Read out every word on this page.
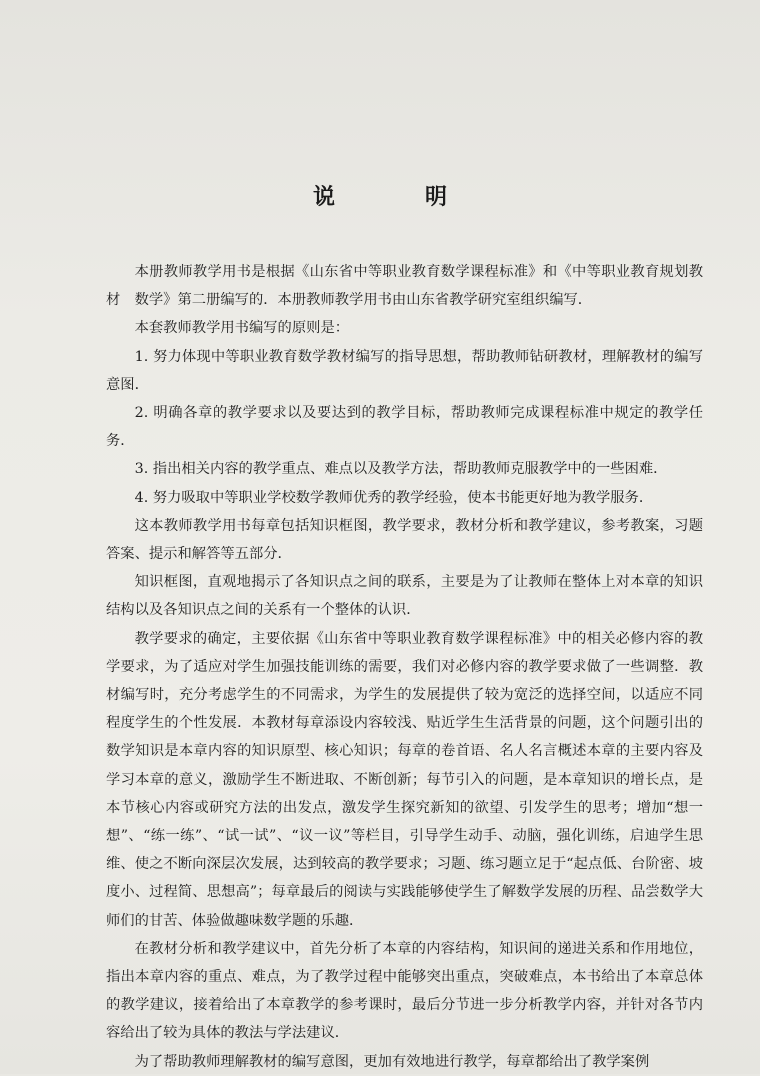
说　明

本册教师教学用书是根据《山东省中等职业教育数学课程标准》和《中等职业教育规划教材　数学》第二册编写的．本册教师教学用书由山东省教学研究室组织编写．

本套教师教学用书编写的原则是：

1. 努力体现中等职业教育数学教材编写的指导思想，帮助教师钻研教材，理解教材的编写意图．

2. 明确各章的教学要求以及要达到的教学目标，帮助教师完成课程标准中规定的教学任务．

3. 指出相关内容的教学重点、难点以及教学方法，帮助教师克服教学中的一些困难．

4. 努力吸取中等职业学校数学教师优秀的教学经验，使本书能更好地为教学服务．

这本教师教学用书每章包括知识框图，教学要求，教材分析和教学建议，参考教案，习题答案、提示和解答等五部分．

知识框图，直观地揭示了各知识点之间的联系，主要是为了让教师在整体上对本章的知识结构以及各知识点之间的关系有一个整体的认识．

教学要求的确定，主要依据《山东省中等职业教育数学课程标准》中的相关必修内容的教学要求，为了适应对学生加强技能训练的需要，我们对必修内容的教学要求做了一些调整．教材编写时，充分考虑学生的不同需求，为学生的发展提供了较为宽泛的选择空间，以适应不同程度学生的个性发展．本教材每章添设内容较浅、贴近学生生活背景的问题，这个问题引出的数学知识是本章内容的知识原型、核心知识；每章的卷首语、名人名言概述本章的主要内容及学习本章的意义，激励学生不断进取、不断创新；每节引入的问题，是本章知识的增长点，是本节核心内容或研究方法的出发点，激发学生探究新知的欲望、引发学生的思考；增加“想一想”、“练一练”、“试一试”、“议一议”等栏目，引导学生动手、动脑，强化训练，启迪学生思维、使之不断向深层次发展，达到较高的教学要求；习题、练习题立足于“起点低、台阶密、坡度小、过程简、思想高”；每章最后的阅读与实践能够使学生了解数学发展的历程、品尝数学大师们的甘苦、体验做趣味数学题的乐趣．

在教材分析和教学建议中，首先分析了本章的内容结构，知识间的递进关系和作用地位，指出本章内容的重点、难点，为了教学过程中能够突出重点，突破难点，本书给出了本章总体的教学建议，接着给出了本章教学的参考课时，最后分节进一步分析教学内容，并针对各节内容给出了较为具体的教法与学法建议．

为了帮助教师理解教材的编写意图，更加有效地进行教学，每章都给出了教学案例
